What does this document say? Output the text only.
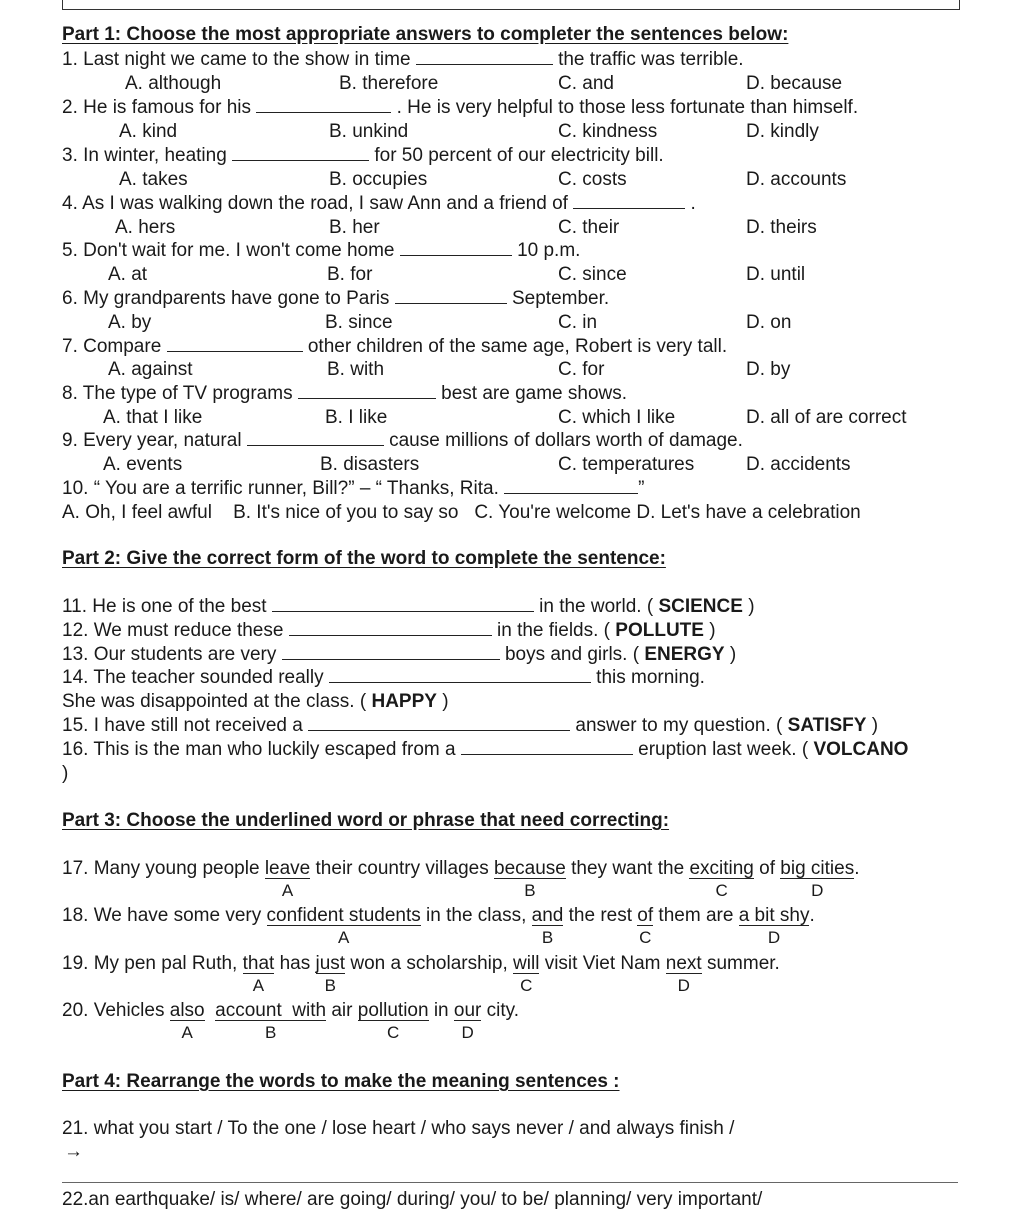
Part 1: Choose the most appropriate answers to completer the sentences below:
1. Last night we came to the show in time	the traffic was terrible.
A. although	B. therefore	C. and	D. because
2. He is famous for his	. He is very helpful to those less fortunate than himself.
A. kind	B. unkind	C. kindness	D. kindly
3. In winter, heating	for 50 percent of our electricity bill.
A. takes	B. occupies	C. costs	D. accounts
4. As I was walking down the road, I saw Ann and a friend of	.
A. hers	B. her	C. their	D. theirs
5. Don't wait for me. I won't come home	10 p.m.
A. at	B. for	C. since	D. until
6. My grandparents have gone to Paris	September.
A. by	B. since	C. in	D. on
7. Compare	other children of the same age, Robert is very tall.
A. against	B. with	C. for	D. by
8. The type of TV programs	best are game shows.
A. that I like	B. I like	C. which I like	D. all of are correct
9. Every year, natural	cause millions of dollars worth of damage.
A. events	B. disasters	C. temperatures	D. accidents
10. “ You are a terrific runner, Bill?” – “ Thanks, Rita.	”
A. Oh, I feel awful    B. It's nice of you to say so   C. You're welcome D. Let's have a celebration
Part 2: Give the correct form of the word to complete the sentence:
11. He is one of the best	in the world. ( SCIENCE )
12. We must reduce these	in the fields. ( POLLUTE )
13. Our students are very	boys and girls. ( ENERGY )
14. The teacher sounded really	this morning.
She was disappointed at the class. ( HAPPY )
15. I have still not received a	answer to my question. ( SATISFY )
16. This is the man who luckily escaped from a	eruption last week. ( VOLCANO
)
Part 3: Choose the underlined word or phrase that need correcting:
17. Many young people leave
A
their country villages because
B
they want the exciting
C
of big cities
D
.
18. We have some very confident students
A
in the class, and
B
the rest of
C
them are a bit shy
D
.
19. My pen pal Ruth, that
A
has just
B
won a scholarship, will
C
visit Viet Nam next
D
summer.
20. Vehicles also
A
account  with
B
air pollution
C
in our
D
city.
Part 4: Rearrange the words to make the meaning sentences :
21. what you start / To the one / lose heart / who says never / and always finish /
→
22.an earthquake/ is/ where/ are going/ during/ you/ to be/ planning/ very important/
